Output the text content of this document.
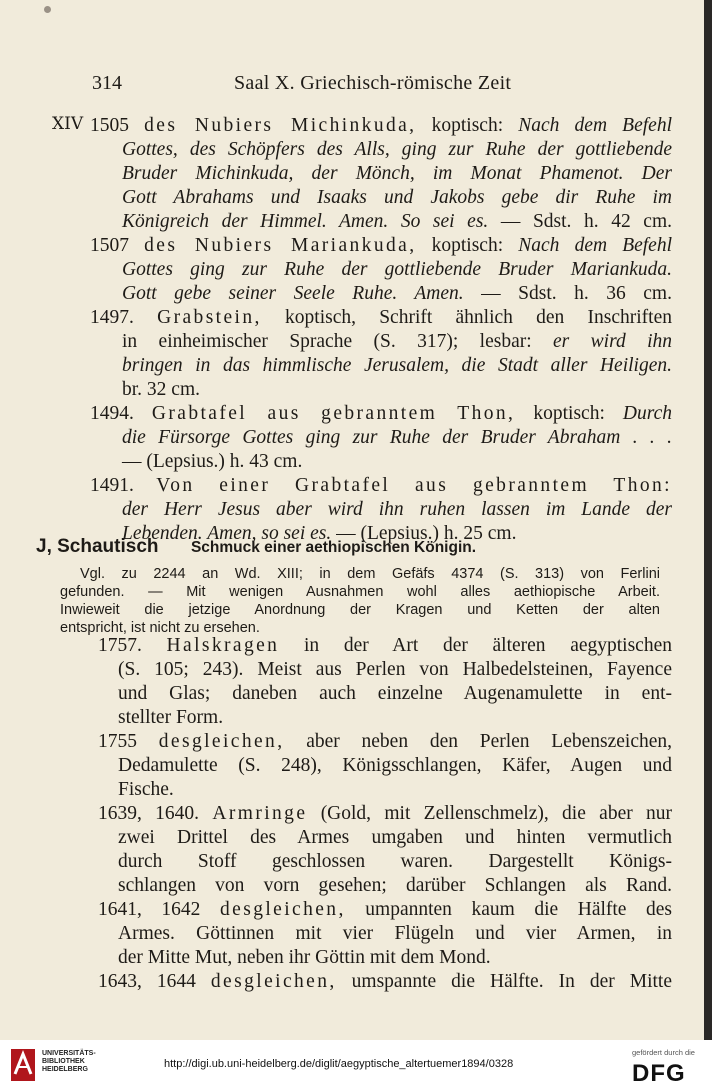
314	Saal X. Griechisch-römische Zeit
XIV 1505 des Nubiers Michinkuda, koptisch: Nach dem Befehl
Gottes, des Schöpfers des Alls, ging zur Ruhe der gottliebende
Bruder Michinkuda, der Mönch, im Monat Phamenot. Der
Gott Abrahams und Isaaks und Jakobs gebe dir Ruhe im
Königreich der Himmel. Amen. So sei es. — Sdst. h. 42 cm.
1507 des Nubiers Mariankuda, koptisch: Nach dem Befehl
Gottes ging zur Ruhe der gottliebende Bruder Mariankuda.
Gott gebe seiner Seele Ruhe. Amen. — Sdst. h. 36 cm.
1497. Grabstein, koptisch, Schrift ähnlich den Inschriften
in einheimischer Sprache (S. 317); lesbar: er wird ihn
bringen in das himmlische Jerusalem, die Stadt aller Heiligen.
br. 32 cm.
1494. Grabtafel aus gebranntem Thon, koptisch: Durch
die Fürsorge Gottes ging zur Ruhe der Bruder Abraham . . .
— (Lepsius.) h. 43 cm.
1491. Von einer Grabtafel aus gebranntem Thon:
der Herr Jesus aber wird ihn ruhen lassen im Lande der
Lebenden. Amen, so sei es. — (Lepsius.) h. 25 cm.
J, Schautisch Schmuck einer aethiopischen Königin.
Vgl. zu 2244 an Wd. XIII; in dem Gefäfs 4374 (S. 313) von Ferlini
gefunden. — Mit wenigen Ausnahmen wohl alles aethiopische Arbeit.
Inwieweit die jetzige Anordnung der Kragen und Ketten der alten
entspricht, ist nicht zu ersehen.
1757. Halskragen in der Art der älteren aegyptischen
(S. 105; 243). Meist aus Perlen von Halbedelsteinen, Fayence
und Glas; daneben auch einzelne Augenamulette in ent-
stellter Form.
1755 desgleichen, aber neben den Perlen Lebenszeichen,
Dedamulette (S. 248), Königsschlangen, Käfer, Augen und
Fische.
1639, 1640. Armringe (Gold, mit Zellenschmelz), die aber nur
zwei Drittel des Armes umgaben und hinten vermutlich
durch Stoff geschlossen waren. Dargestellt Königs-
schlangen von vorn gesehen; darüber Schlangen als Rand.
1641, 1642 desgleichen, umpannten kaum die Hälfte des
Armes. Göttinnen mit vier Flügeln und vier Armen, in
der Mitte Mut, neben ihr Göttin mit dem Mond.
1643, 1644 desgleichen, umspannte die Hälfte. In der Mitte
UNIVERSITÄTS-BIBLIOTHEK HEIDELBERG	http://digi.ub.uni-heidelberg.de/diglit/aegyptische_altertuemer1894/0328
gefördert durch die
DFG
